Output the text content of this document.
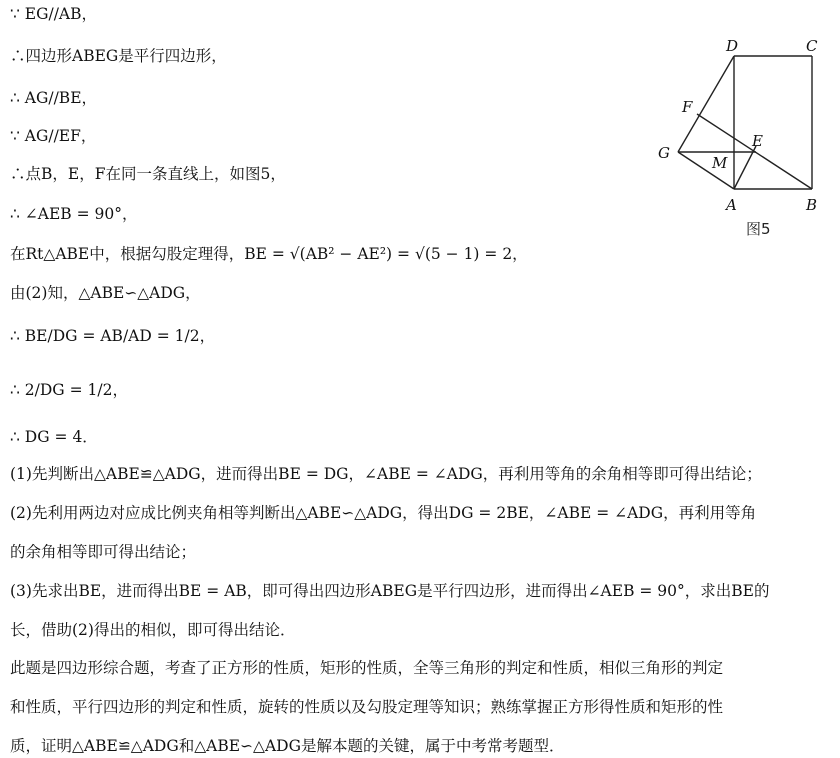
∵ EG//AB，
∴四边形ABEG是平行四边形，
∴ AG//BE，
∵ AG//EF，
∴点B，E，F在同一条直线上，如图5，
∴ ∠AEB = 90°，
在Rt△ABE中，根据勾股定理得，BE = √(AB² − AE²) = √(5 − 1) = 2，
由(2)知，△ABE∽△ADG，
∴ BE/DG = AB/AD = 1/2，
∴ 2/DG = 1/2，
∴ DG = 4．
(1)先判断出△ABE≌△ADG，进而得出BE = DG，∠ABE = ∠ADG，再利用等角的余角相等即可得出结论；
(2)先利用两边对应成比例夹角相等判断出△ABE∽△ADG，得出DG = 2BE，∠ABE = ∠ADG，再利用等角
的余角相等即可得出结论；
(3)先求出BE，进而得出BE = AB，即可得出四边形ABEG是平行四边形，进而得出∠AEB = 90°，求出BE的
长，借助(2)得出的相似，即可得出结论．
此题是四边形综合题，考查了正方形的性质，矩形的性质，全等三角形的判定和性质，相似三角形的判定
和性质，平行四边形的判定和性质，旋转的性质以及勾股定理等知识；熟练掌握正方形得性质和矩形的性
质，证明△ABE≌△ADG和△ABE∽△ADG是解本题的关键，属于中考常考题型．
D	C
F
E
G
M
A	B
图5
